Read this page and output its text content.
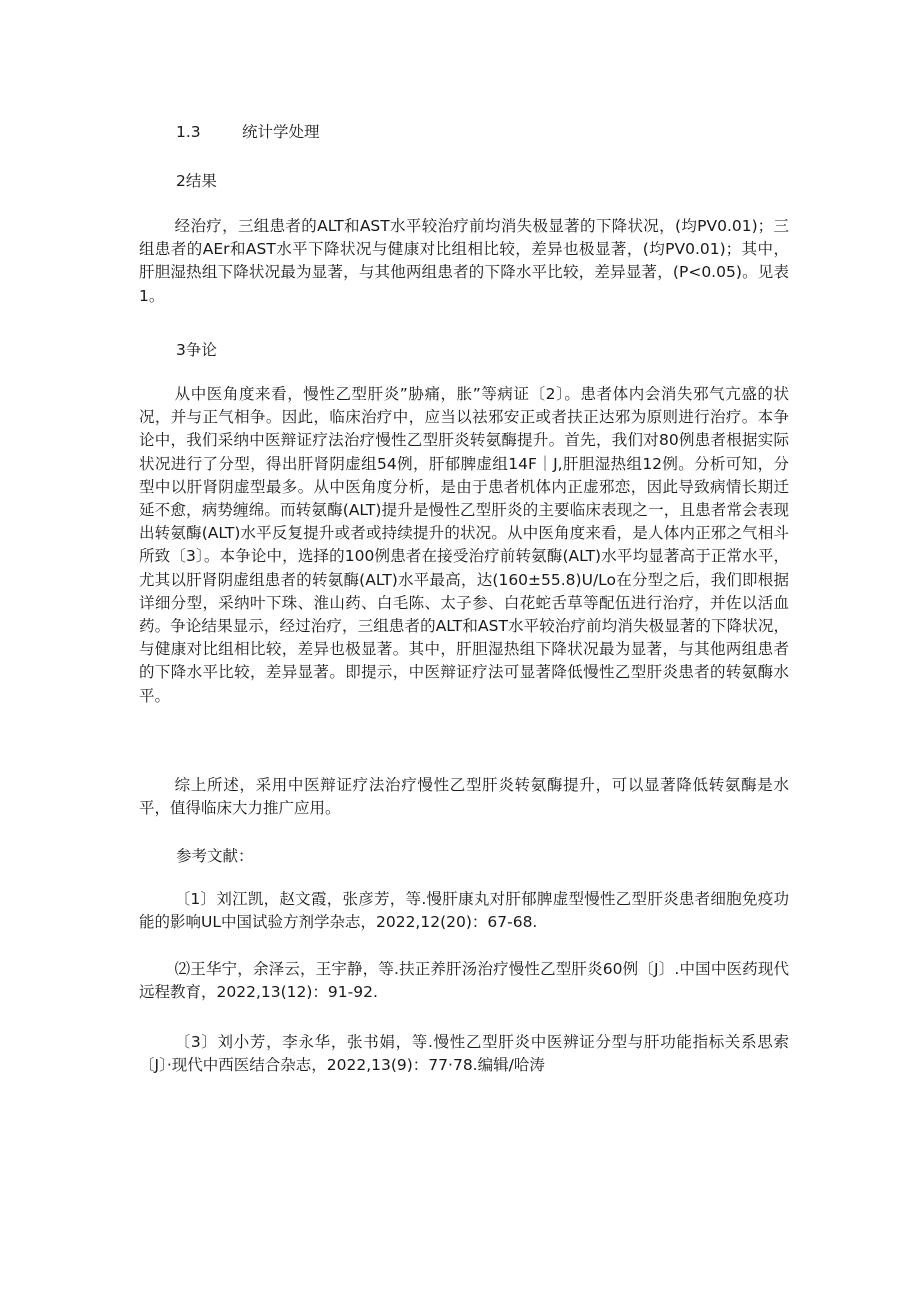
1.3	统计学处理
2结果

经治疗，三组患者的ALT和AST水平较治疗前均消失极显著的下降状况，(均PV0.01)；三组患者的AEr和AST水平下降状况与健康对比组相比较，差异也极显著，(均PV0.01)；其中，肝胆湿热组下降状况最为显著，与其他两组患者的下降水平比较，差异显著，(P<0.05)。见表1。

3争论

从中医角度来看，慢性乙型肝炎”胁痛，胀”等病证〔2〕。患者体内会消失邪气亢盛的状况，并与正气相争。因此，临床治疗中，应当以祛邪安正或者扶正达邪为原则进行治疗。本争论中，我们采纳中医辩证疗法治疗慢性乙型肝炎转氨酶提升。首先，我们对80例患者根据实际状况进行了分型，得出肝肾阴虚组54例，肝郁脾虚组14F｜J,肝胆湿热组12例。分析可知，分型中以肝肾阴虚型最多。从中医角度分析，是由于患者机体内正虚邪恋，因此导致病情长期迁延不愈，病势缠绵。而转氨酶(ALT)提升是慢性乙型肝炎的主要临床表现之一，且患者常会表现出转氨酶(ALT)水平反复提升或者或持续提升的状况。从中医角度来看，是人体内正邪之气相斗所致〔3〕。本争论中，选择的100例患者在接受治疗前转氨酶(ALT)水平均显著高于正常水平，尤其以肝肾阴虚组患者的转氨酶(ALT)水平最高，达(160±55.8)U/Lo在分型之后，我们即根据详细分型，采纳叶下珠、淮山药、白毛陈、太子参、白花蛇舌草等配伍进行治疗，并佐以活血药。争论结果显示，经过治疗，三组患者的ALT和AST水平较治疗前均消失极显著的下降状况，与健康对比组相比较，差异也极显著。其中，肝胆湿热组下降状况最为显著，与其他两组患者的下降水平比较，差异显著。即提示，中医辩证疗法可显著降低慢性乙型肝炎患者的转氨酶水平。

综上所述，采用中医辩证疗法治疗慢性乙型肝炎转氨酶提升，可以显著降低转氨酶是水平，值得临床大力推广应用。

参考文献：

〔1〕刘江凯，赵文霞，张彦芳，等.慢肝康丸对肝郁脾虚型慢性乙型肝炎患者细胞免疫功能的影响UL中国试验方剂学杂志，2022,12(20)：67-68.

⑵王华宁，余泽云，王宇静，等.扶正养肝汤治疗慢性乙型肝炎60例〔J〕.中国中医药现代远程教育，2022,13(12)：91-92.

〔3〕刘小芳，李永华，张书娟，等.慢性乙型肝炎中医辨证分型与肝功能指标关系思索〔J〕·现代中西医结合杂志，2022,13(9)：77·78.编辑/哈涛
